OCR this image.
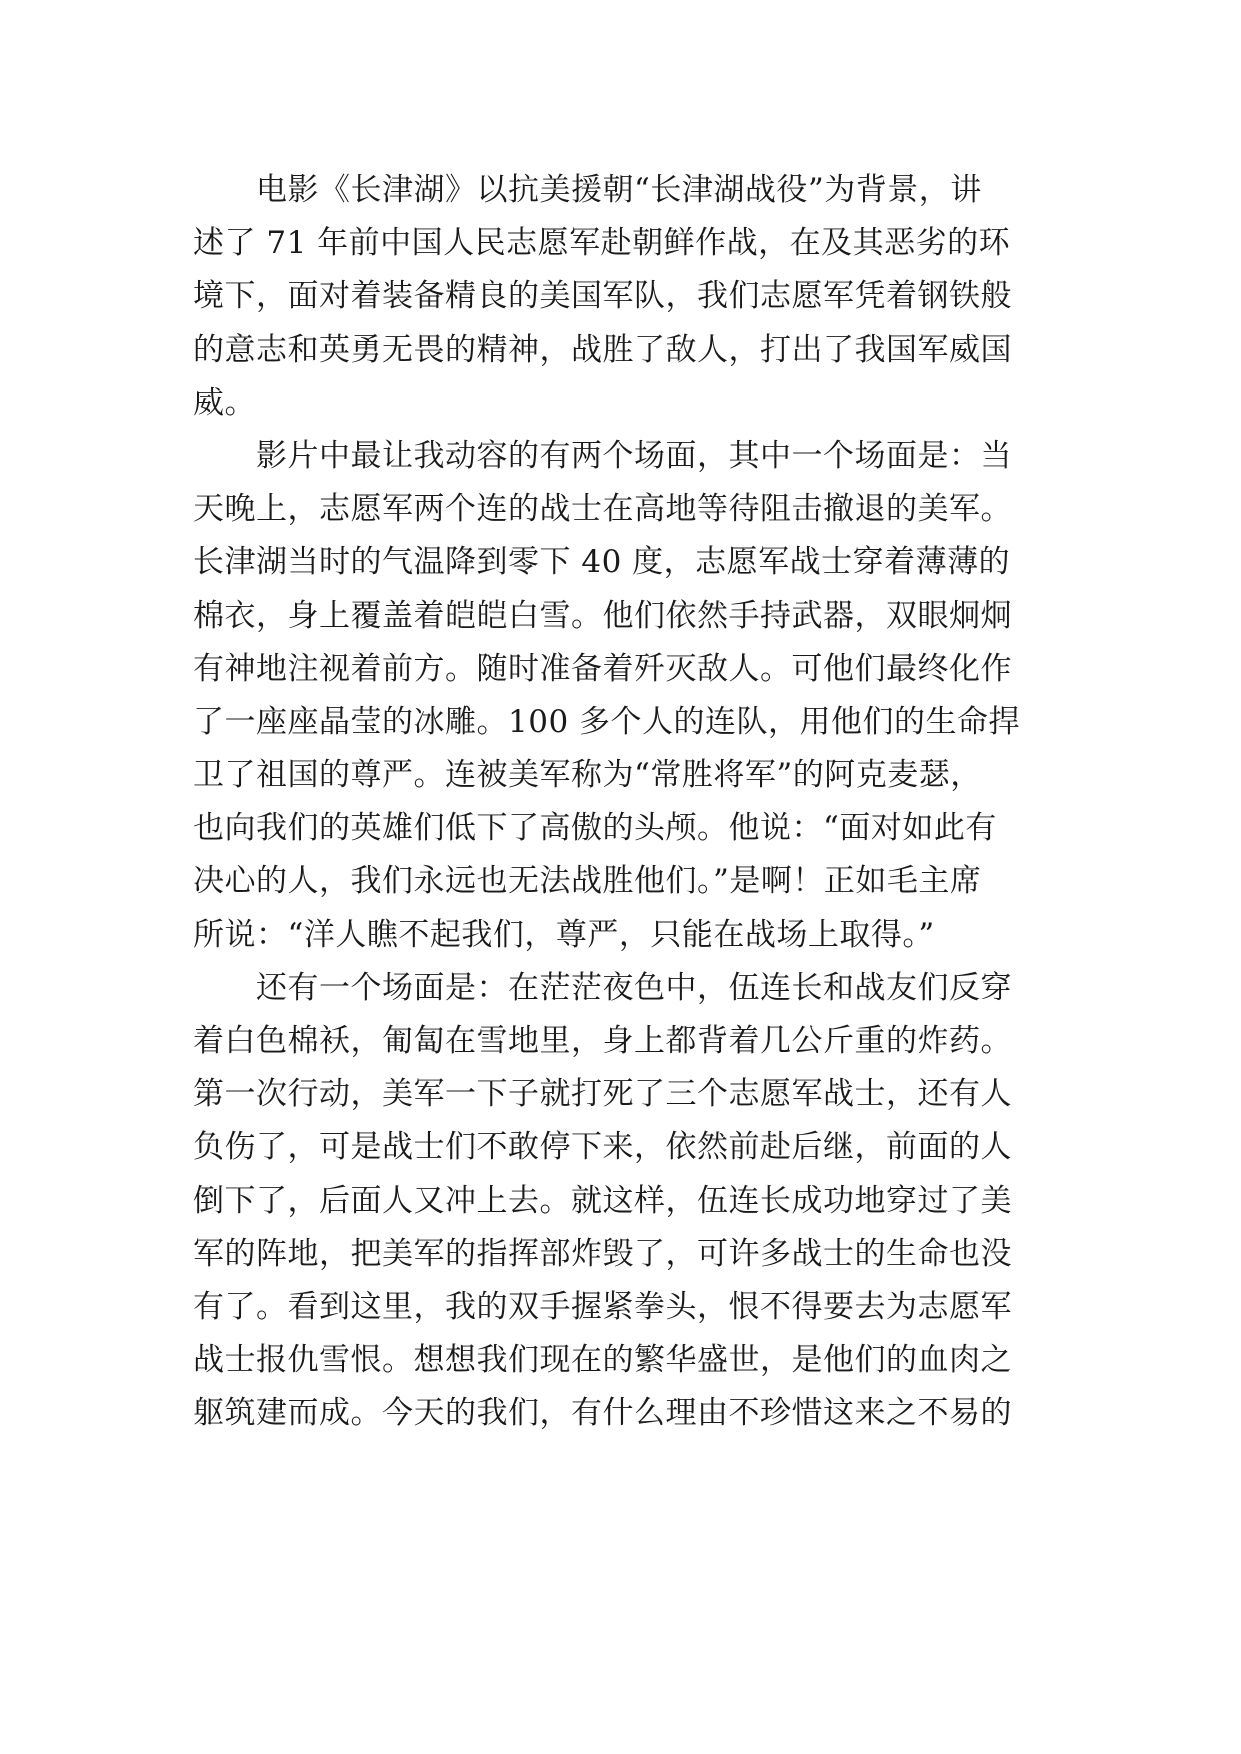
　　电影《长津湖》以抗美援朝“长津湖战役”为背景，讲
述了 71 年前中国人民志愿军赴朝鲜作战，在及其恶劣的环
境下，面对着装备精良的美国军队，我们志愿军凭着钢铁般
的意志和英勇无畏的精神，战胜了敌人，打出了我国军威国
威。
　　影片中最让我动容的有两个场面，其中一个场面是：当
天晚上，志愿军两个连的战士在高地等待阻击撤退的美军。
长津湖当时的气温降到零下 40 度，志愿军战士穿着薄薄的
棉衣，身上覆盖着皑皑白雪。他们依然手持武器，双眼炯炯
有神地注视着前方。随时准备着歼灭敌人。可他们最终化作
了一座座晶莹的冰雕。100 多个人的连队，用他们的生命捍
卫了祖国的尊严。连被美军称为“常胜将军”的阿克麦瑟，
也向我们的英雄们低下了高傲的头颅。他说：“面对如此有
决心的人，我们永远也无法战胜他们。”是啊！正如毛主席
所说：“洋人瞧不起我们，尊严，只能在战场上取得。”
　　还有一个场面是：在茫茫夜色中，伍连长和战友们反穿
着白色棉袄，匍匐在雪地里，身上都背着几公斤重的炸药。
第一次行动，美军一下子就打死了三个志愿军战士，还有人
负伤了，可是战士们不敢停下来，依然前赴后继，前面的人
倒下了，后面人又冲上去。就这样，伍连长成功地穿过了美
军的阵地，把美军的指挥部炸毁了，可许多战士的生命也没
有了。看到这里，我的双手握紧拳头，恨不得要去为志愿军
战士报仇雪恨。想想我们现在的繁华盛世，是他们的血肉之
躯筑建而成。今天的我们，有什么理由不珍惜这来之不易的
